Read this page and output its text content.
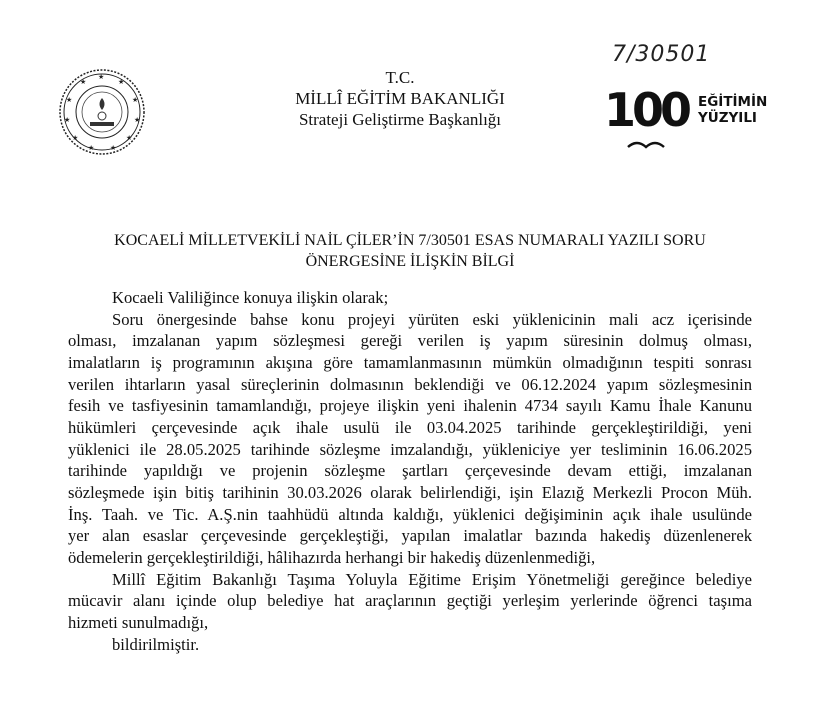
★
★
★
★	★
★	★
★	★
★ ★
T.C.
MİLLÎ EĞİTİM BAKANLIĞI
Strateji Geliştirme Başkanlığı
7/30501
100 EĞİTİMİN
YÜZYILI
KOCAELİ MİLLETVEKİLİ NAİL ÇİLER’İN 7/30501 ESAS NUMARALI YAZILI SORU
ÖNERGESİNE İLİŞKİN BİLGİ
Kocaeli Valiliğince konuya ilişkin olarak;
Soru önergesinde bahse konu projeyi yürüten eski yüklenicinin mali acz içerisinde
olması, imzalanan yapım sözleşmesi gereği verilen iş yapım süresinin dolmuş olması,
imalatların iş programının akışına göre tamamlanmasının mümkün olmadığının tespiti sonrası
verilen ihtarların yasal süreçlerinin dolmasının beklendiği ve 06.12.2024 yapım sözleşmesinin
fesih ve tasfiyesinin tamamlandığı, projeye ilişkin yeni ihalenin 4734 sayılı Kamu İhale Kanunu
hükümleri çerçevesinde açık ihale usulü ile 03.04.2025 tarihinde gerçekleştirildiği, yeni
yüklenici ile 28.05.2025 tarihinde sözleşme imzalandığı, yükleniciye yer tesliminin 16.06.2025
tarihinde yapıldığı ve projenin sözleşme şartları çerçevesinde devam ettiği, imzalanan
sözleşmede işin bitiş tarihinin 30.03.2026 olarak belirlendiği, işin Elazığ Merkezli Procon Müh.
İnş. Taah. ve Tic. A.Ş.nin taahhüdü altında kaldığı, yüklenici değişiminin açık ihale usulünde
yer alan esaslar çerçevesinde gerçekleştiği, yapılan imalatlar bazında hakediş düzenlenerek
ödemelerin gerçekleştirildiği, hâlihazırda herhangi bir hakediş düzenlenmediği,
Millî Eğitim Bakanlığı Taşıma Yoluyla Eğitime Erişim Yönetmeliği gereğince belediye
mücavir alanı içinde olup belediye hat araçlarının geçtiği yerleşim yerlerinde öğrenci taşıma
hizmeti sunulmadığı,
bildirilmiştir.
